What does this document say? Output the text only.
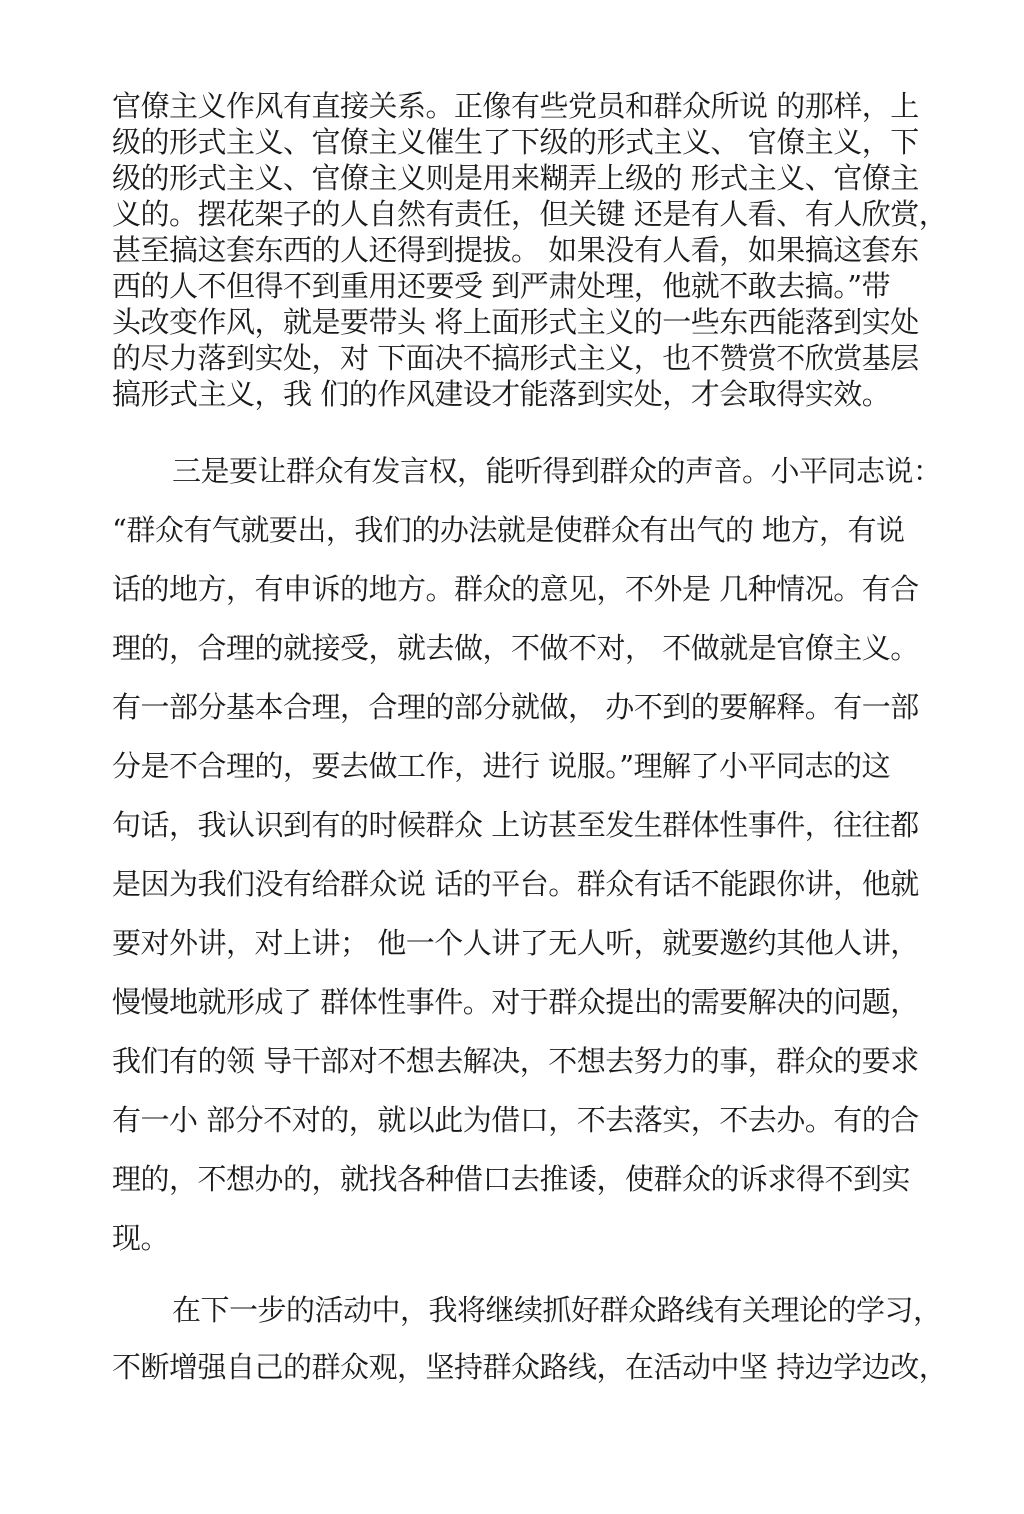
官僚主义作风有直接关系。正像有些党员和群众所说 的那样，上
级的形式主义、官僚主义催生了下级的形式主义、 官僚主义，下
级的形式主义、官僚主义则是用来糊弄上级的 形式主义、官僚主
义的。摆花架子的人自然有责任，但关键 还是有人看、有人欣赏，
甚至搞这套东西的人还得到提拔。 如果没有人看，如果搞这套东
西的人不但得不到重用还要受 到严肃处理，他就不敢去搞。”带
头改变作风，就是要带头 将上面形式主义的一些东西能落到实处
的尽力落到实处，对 下面决不搞形式主义，也不赞赏不欣赏基层
搞形式主义，我 们的作风建设才能落到实处，才会取得实效。
三是要让群众有发言权，能听得到群众的声音。小平同志说：
“群众有气就要出，我们的办法就是使群众有出气的 地方，有说
话的地方，有申诉的地方。群众的意见，不外是 几种情况。有合
理的，合理的就接受，就去做，不做不对， 不做就是官僚主义。
有一部分基本合理，合理的部分就做， 办不到的要解释。有一部
分是不合理的，要去做工作，进行 说服。”理解了小平同志的这
句话，我认识到有的时候群众 上访甚至发生群体性事件，往往都
是因为我们没有给群众说 话的平台。群众有话不能跟你讲，他就
要对外讲，对上讲； 他一个人讲了无人听，就要邀约其他人讲，
慢慢地就形成了 群体性事件。对于群众提出的需要解决的问题，
我们有的领 导干部对不想去解决，不想去努力的事，群众的要求
有一小 部分不对的，就以此为借口，不去落实，不去办。有的合
理的，不想办的，就找各种借口去推诿，使群众的诉求得不到实
现。
在下一步的活动中，我将继续抓好群众路线有关理论的学习，
不断增强自己的群众观，坚持群众路线，在活动中坚 持边学边改，
